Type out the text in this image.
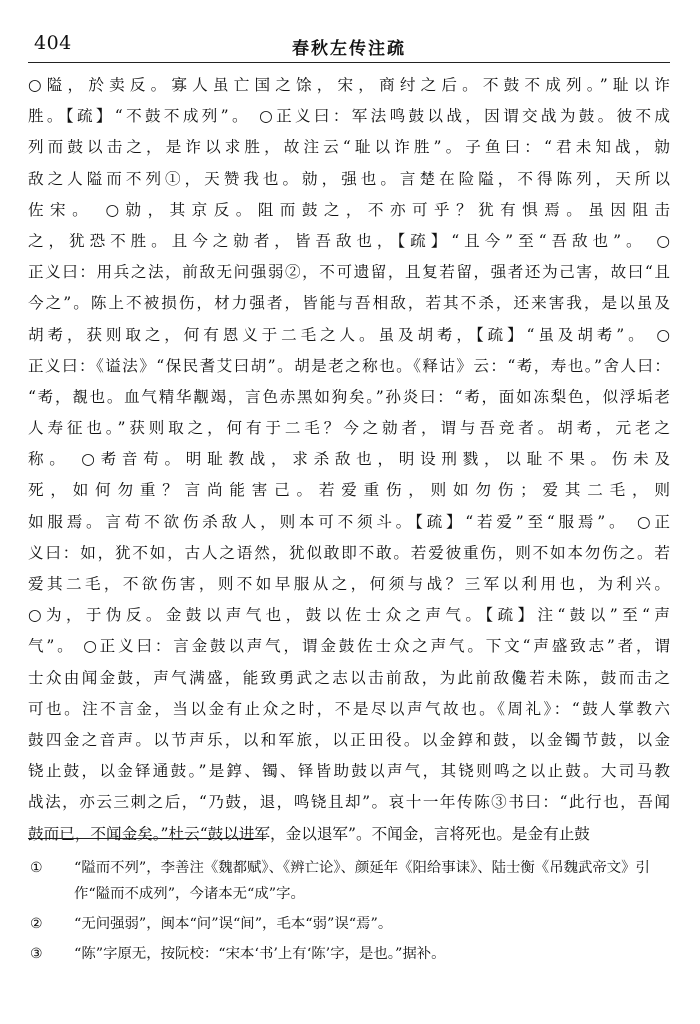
404	春秋左传注疏
○隘，於卖反。寡人虽亡国之馀，宋，商纣之后。不鼓不成列。”耻以诈
胜。【疏】“不鼓不成列”。 ○正义曰：军法鸣鼓以战，因谓交战为鼓。彼不成
列而鼓以击之，是诈以求胜，故注云“耻以诈胜”。子鱼曰：“君未知战，勍
敌之人隘而不列①，天赞我也。勍，强也。言楚在险隘，不得陈列，天所以
佐宋。 ○勍，其京反。阻而鼓之，不亦可乎？犹有惧焉。虽因阻击
之，犹恐不胜。且今之勍者，皆吾敌也，【疏】“且今”至“吾敌也”。 ○
正义曰：用兵之法，前敌无问强弱②，不可遗留，且复若留，强者还为己害，故曰“且
今之”。陈上不被损伤，材力强者，皆能与吾相敌，若其不杀，还来害我，是以虽及
胡耇，获则取之，何有恩义于二毛之人。虽及胡耇，【疏】“虽及胡耇”。 ○
正义曰：《谥法》“保民耆艾曰胡”。胡是老之称也。《释诂》云：“耇，寿也。”舍人曰：
“耇，覩也。血气精华觏竭，言色赤黑如狗矣。”孙炎曰：“耇，面如冻梨色，似浮垢老
人寿征也。”获则取之，何有于二毛？今之勍者，谓与吾竞者。胡耇，元老之
称。 ○耇音苟。明耻教战，求杀敌也，明设刑戮，以耻不果。伤未及
死，如何勿重？言尚能害己。若爱重伤，则如勿伤；爱其二毛，则
如服焉。言苟不欲伤杀敌人，则本可不须斗。【疏】“若爱”至“服焉”。 ○正
义曰：如，犹不如，古人之语然，犹似敢即不敢。若爱彼重伤，则不如本勿伤之。若
爱其二毛，不欲伤害，则不如早服从之，何须与战？三军以利用也，为利兴。
○为，于伪反。金鼓以声气也，鼓以佐士众之声气。【疏】注“鼓以”至“声
气”。 ○正义曰：言金鼓以声气，谓金鼓佐士众之声气。下文“声盛致志”者，谓
士众由闻金鼓，声气满盛，能致勇武之志以击前敌，为此前敌儳若未陈，鼓而击之
可也。注不言金，当以金有止众之时，不是尽以声气故也。《周礼》：“鼓人掌教六
鼓四金之音声。以节声乐，以和军旅，以正田役。以金錞和鼓，以金镯节鼓，以金
铙止鼓，以金铎通鼓。”是錞、镯、铎皆助鼓以声气，其铙则鸣之以止鼓。大司马教
战法，亦云三刺之后，“乃鼓，退，鸣铙且却”。哀十一年传陈③书曰：“此行也，吾闻
鼓而已，不闻金矣。”杜云“鼓以进军，金以退军”。不闻金，言将死也。是金有止鼓
① “隘而不列”，李善注《魏都赋》、《辨亡论》、颜延年《阳给事诔》、陆士衡《吊魏武帝文》引作“隘而不成列”，今诸本无“成”字。
② “无问强弱”，闽本“问”误“间”，毛本“弱”误“焉”。
③ “陈”字原无，按阮校：“宋本‘书’上有‘陈’字，是也。”据补。
